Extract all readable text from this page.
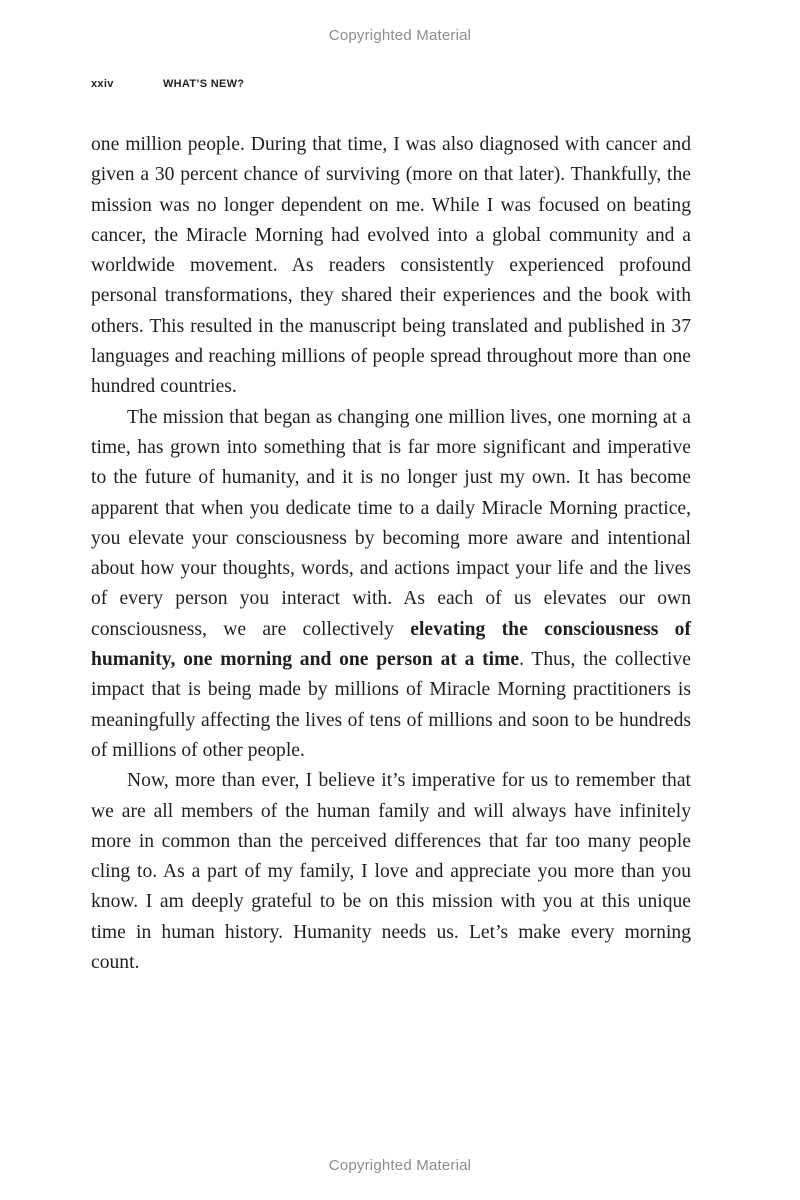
Copyrighted Material
xxiv	WHAT’S NEW?

one million people. During that time, I was also diagnosed with cancer and given a 30 percent chance of surviving (more on that later). Thankfully, the mission was no longer dependent on me. While I was focused on beating cancer, the Miracle Morning had evolved into a global community and a worldwide movement. As readers consistently experienced profound personal transformations, they shared their experiences and the book with others. This resulted in the manuscript being translated and published in 37 languages and reaching millions of people spread throughout more than one hundred countries.

The mission that began as changing one million lives, one morning at a time, has grown into something that is far more significant and imperative to the future of humanity, and it is no longer just my own. It has become apparent that when you dedicate time to a daily Miracle Morning practice, you elevate your consciousness by becoming more aware and intentional about how your thoughts, words, and actions impact your life and the lives of every person you interact with. As each of us elevates our own consciousness, we are collectively elevating the consciousness of humanity, one morning and one person at a time. Thus, the collective impact that is being made by millions of Miracle Morning practitioners is meaningfully affecting the lives of tens of millions and soon to be hundreds of millions of other people.

Now, more than ever, I believe it’s imperative for us to remember that we are all members of the human family and will always have infinitely more in common than the perceived differences that far too many people cling to. As a part of my family, I love and appreciate you more than you know. I am deeply grateful to be on this mission with you at this unique time in human history. Humanity needs us. Let’s make every morning count.

Copyrighted Material
